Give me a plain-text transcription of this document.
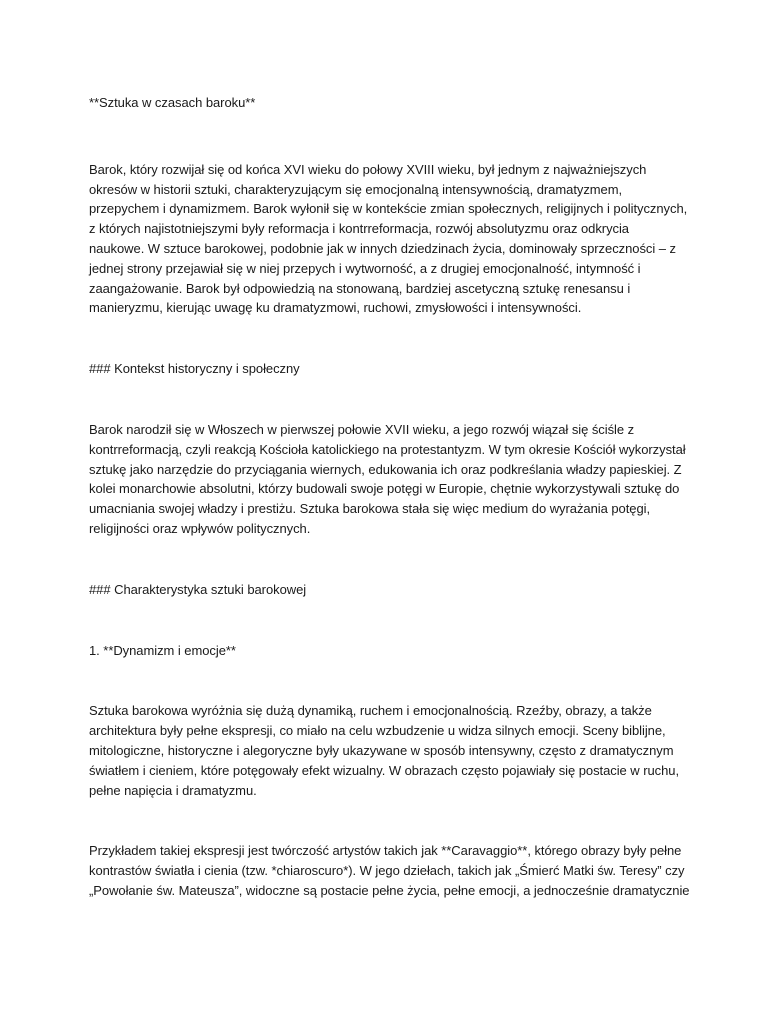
**Sztuka w czasach baroku**

Barok, który rozwijał się od końca XVI wieku do połowy XVIII wieku, był jednym z najważniejszych
okresów w historii sztuki, charakteryzującym się emocjonalną intensywnością, dramatyzmem,
przepychem i dynamizmem. Barok wyłonił się w kontekście zmian społecznych, religijnych i politycznych,
z których najistotniejszymi były reformacja i kontrreformacja, rozwój absolutyzmu oraz odkrycia
naukowe. W sztuce barokowej, podobnie jak w innych dziedzinach życia, dominowały sprzeczności – z
jednej strony przejawiał się w niej przepych i wytworność, a z drugiej emocjonalność, intymność i
zaangażowanie. Barok był odpowiedzią na stonowaną, bardziej ascetyczną sztukę renesansu i
manieryzmu, kierując uwagę ku dramatyzmowi, ruchowi, zmysłowości i intensywności.

### Kontekst historyczny i społeczny

Barok narodził się w Włoszech w pierwszej połowie XVII wieku, a jego rozwój wiązał się ściśle z
kontrreformacją, czyli reakcją Kościoła katolickiego na protestantyzm. W tym okresie Kościół wykorzystał
sztukę jako narzędzie do przyciągania wiernych, edukowania ich oraz podkreślania władzy papieskiej. Z
kolei monarchowie absolutni, którzy budowali swoje potęgi w Europie, chętnie wykorzystywali sztukę do
umacniania swojej władzy i prestiżu. Sztuka barokowa stała się więc medium do wyrażania potęgi,
religijności oraz wpływów politycznych.

### Charakterystyka sztuki barokowej

1. **Dynamizm i emocje**

Sztuka barokowa wyróżnia się dużą dynamiką, ruchem i emocjonalnością. Rzeźby, obrazy, a także
architektura były pełne ekspresji, co miało na celu wzbudzenie u widza silnych emocji. Sceny biblijne,
mitologiczne, historyczne i alegoryczne były ukazywane w sposób intensywny, często z dramatycznym
światłem i cieniem, które potęgowały efekt wizualny. W obrazach często pojawiały się postacie w ruchu,
pełne napięcia i dramatyzmu.

Przykładem takiej ekspresji jest twórczość artystów takich jak **Caravaggio**, którego obrazy były pełne
kontrastów światła i cienia (tzw. *chiaroscuro*). W jego dziełach, takich jak „Śmierć Matki św. Teresy” czy
„Powołanie św. Mateusza”, widoczne są postacie pełne życia, pełne emocji, a jednocześnie dramatycznie
